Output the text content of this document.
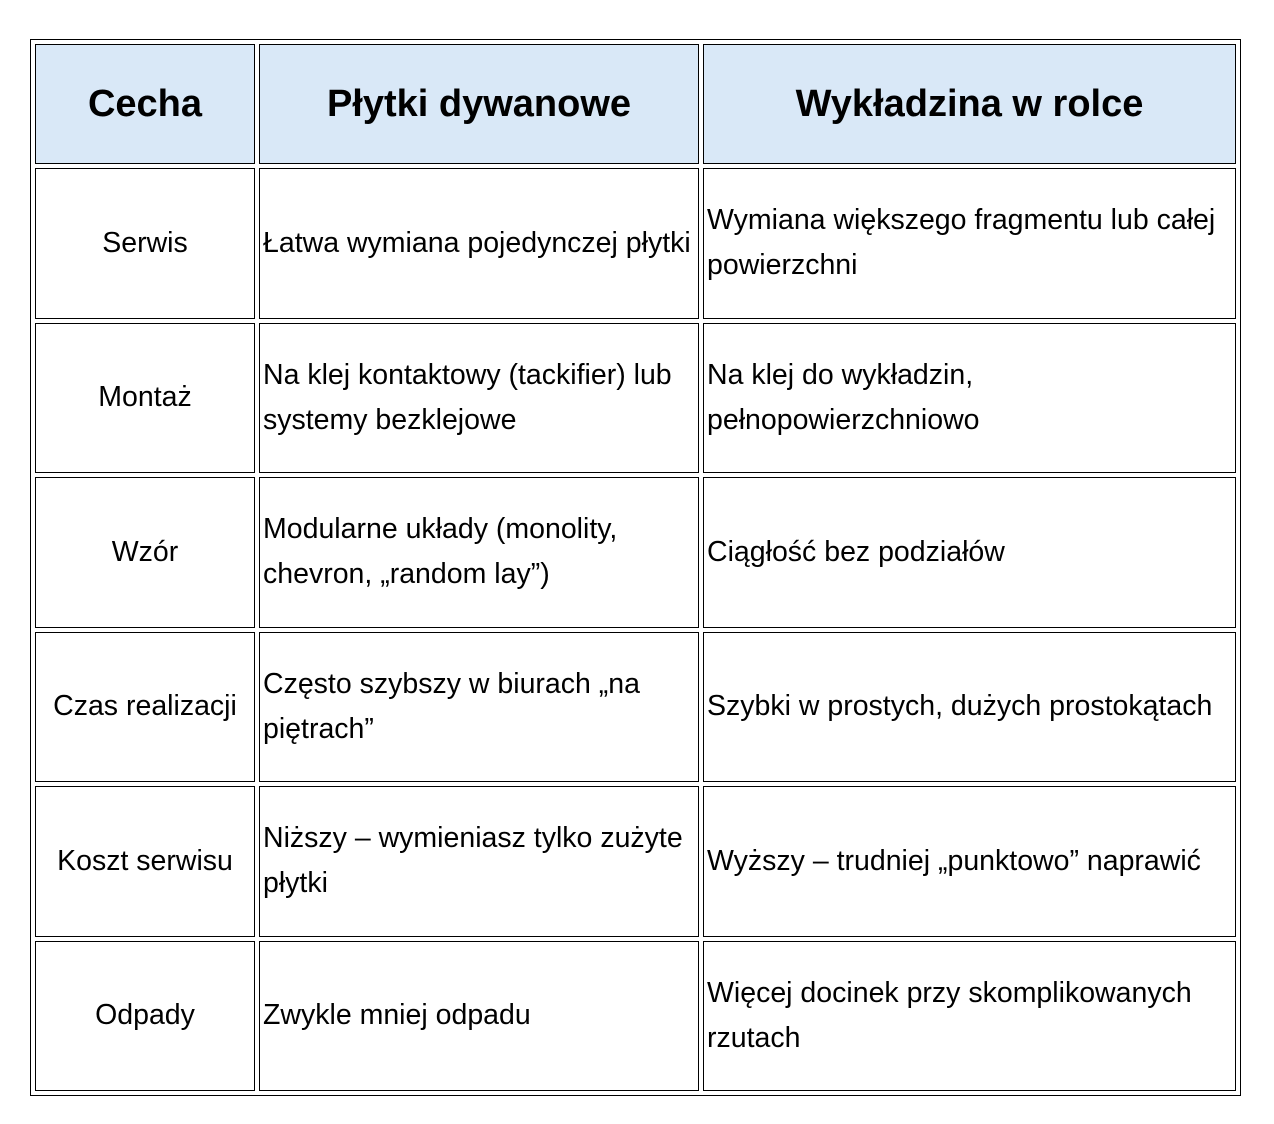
Cecha	Płytki dywanowe	Wykładzina w rolce
Serwis	Łatwa wymiana pojedynczej płytki	Wymiana większego fragmentu lub całej powierzchni
Montaż	Na klej kontaktowy (tackifier) lub systemy bezklejowe	Na klej do wykładzin, pełnopowierzchniowo
Wzór	Modularne układy (monolity, chevron, „random lay”)	Ciągłość bez podziałów
Czas realizacji	Często szybszy w biurach „na piętrach”	Szybki w prostych, dużych prostokątach
Koszt serwisu	Niższy – wymieniasz tylko zużyte płytki	Wyższy – trudniej „punktowo” naprawić
Odpady	Zwykle mniej odpadu	Więcej docinek przy skomplikowanych rzutach
